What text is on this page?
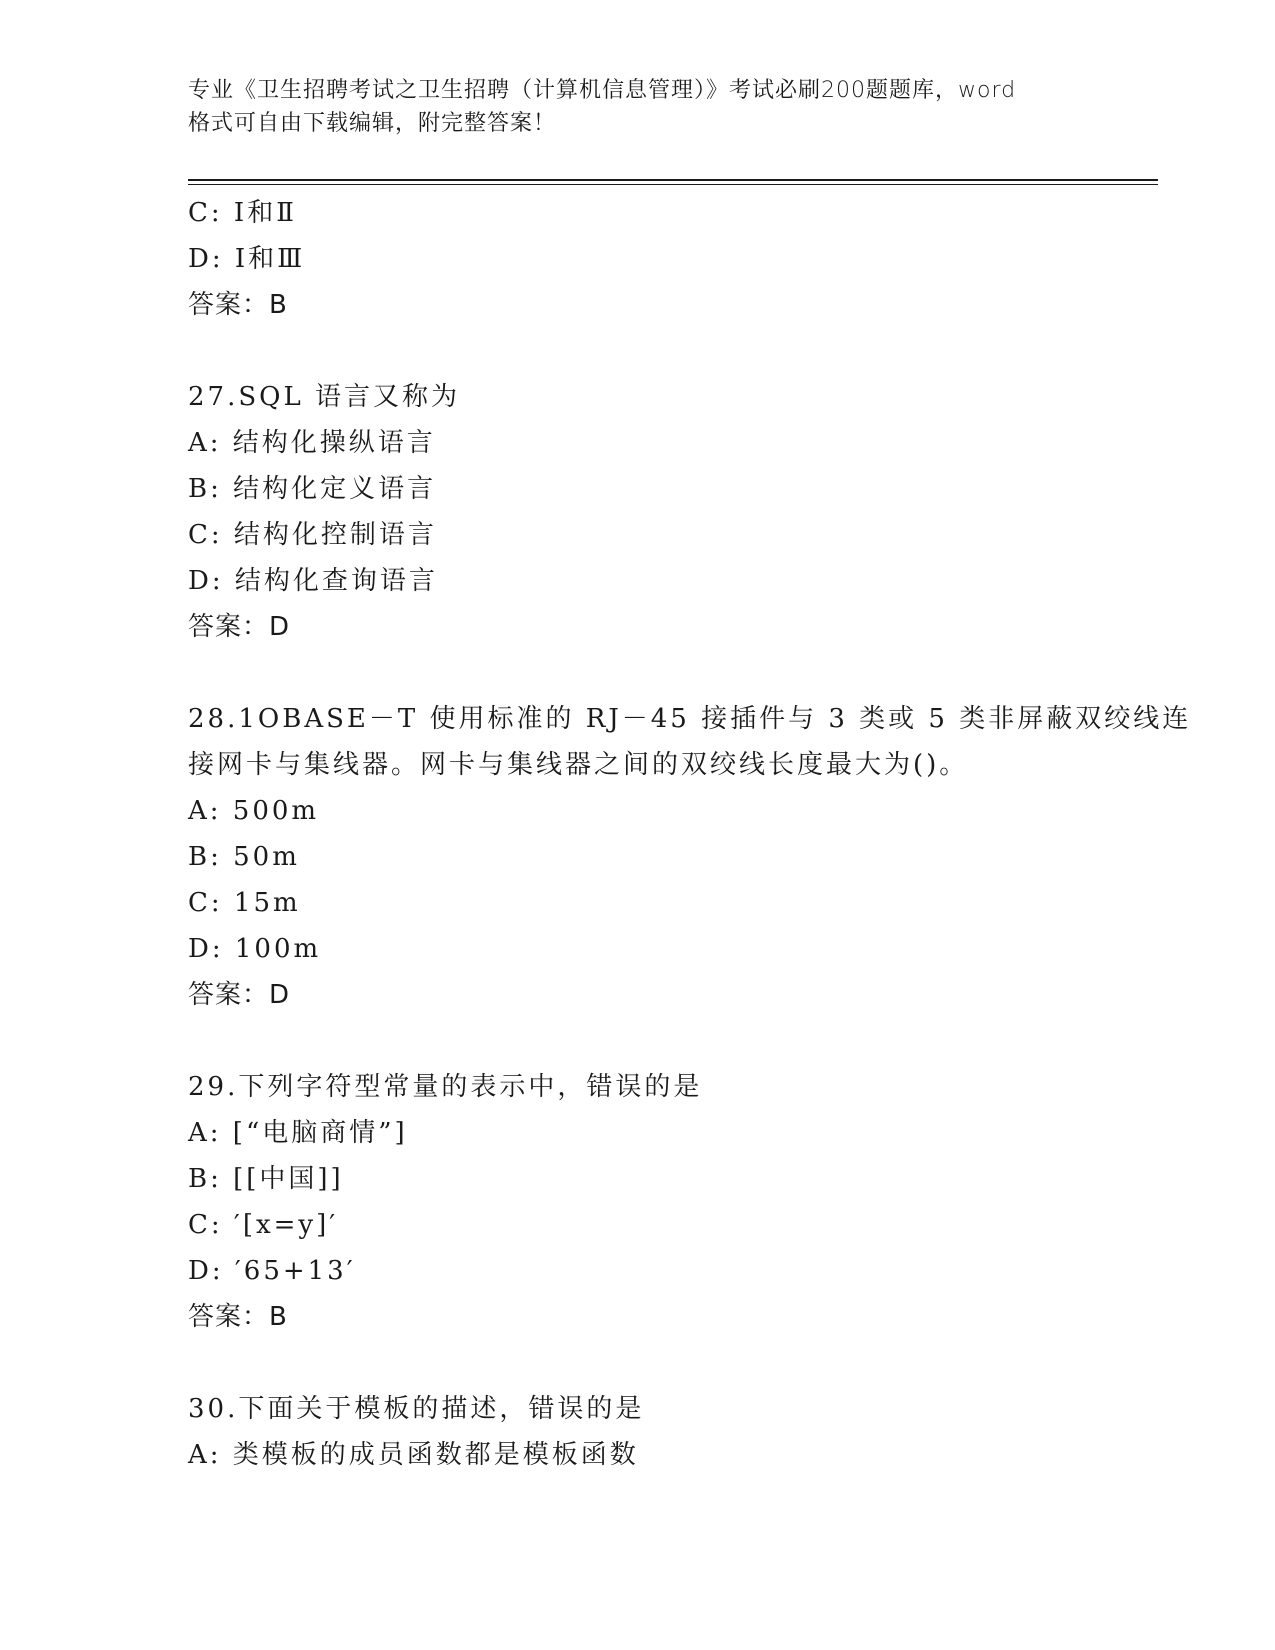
专业《卫生招聘考试之卫生招聘（计算机信息管理）》考试必刷200题题库，word
格式可自由下载编辑，附完整答案！
C: Ⅰ和Ⅱ
D: Ⅰ和Ⅲ
答案：B
27.SQL 语言又称为
A: 结构化操纵语言
B: 结构化定义语言
C: 结构化控制语言
D: 结构化查询语言
答案：D
28.1OBASE－T 使用标准的 RJ－45 接插件与 3 类或 5 类非屏蔽双绞线连
接网卡与集线器。网卡与集线器之间的双绞线长度最大为()。
A: 500m
B: 50m
C: 15m
D: 100m
答案：D
29.下列字符型常量的表示中，错误的是
A: [“电脑商情”]
B: [[中国]]
C: ′[x=y]′
D: ′65+13′
答案：B
30.下面关于模板的描述，错误的是
A: 类模板的成员函数都是模板函数
